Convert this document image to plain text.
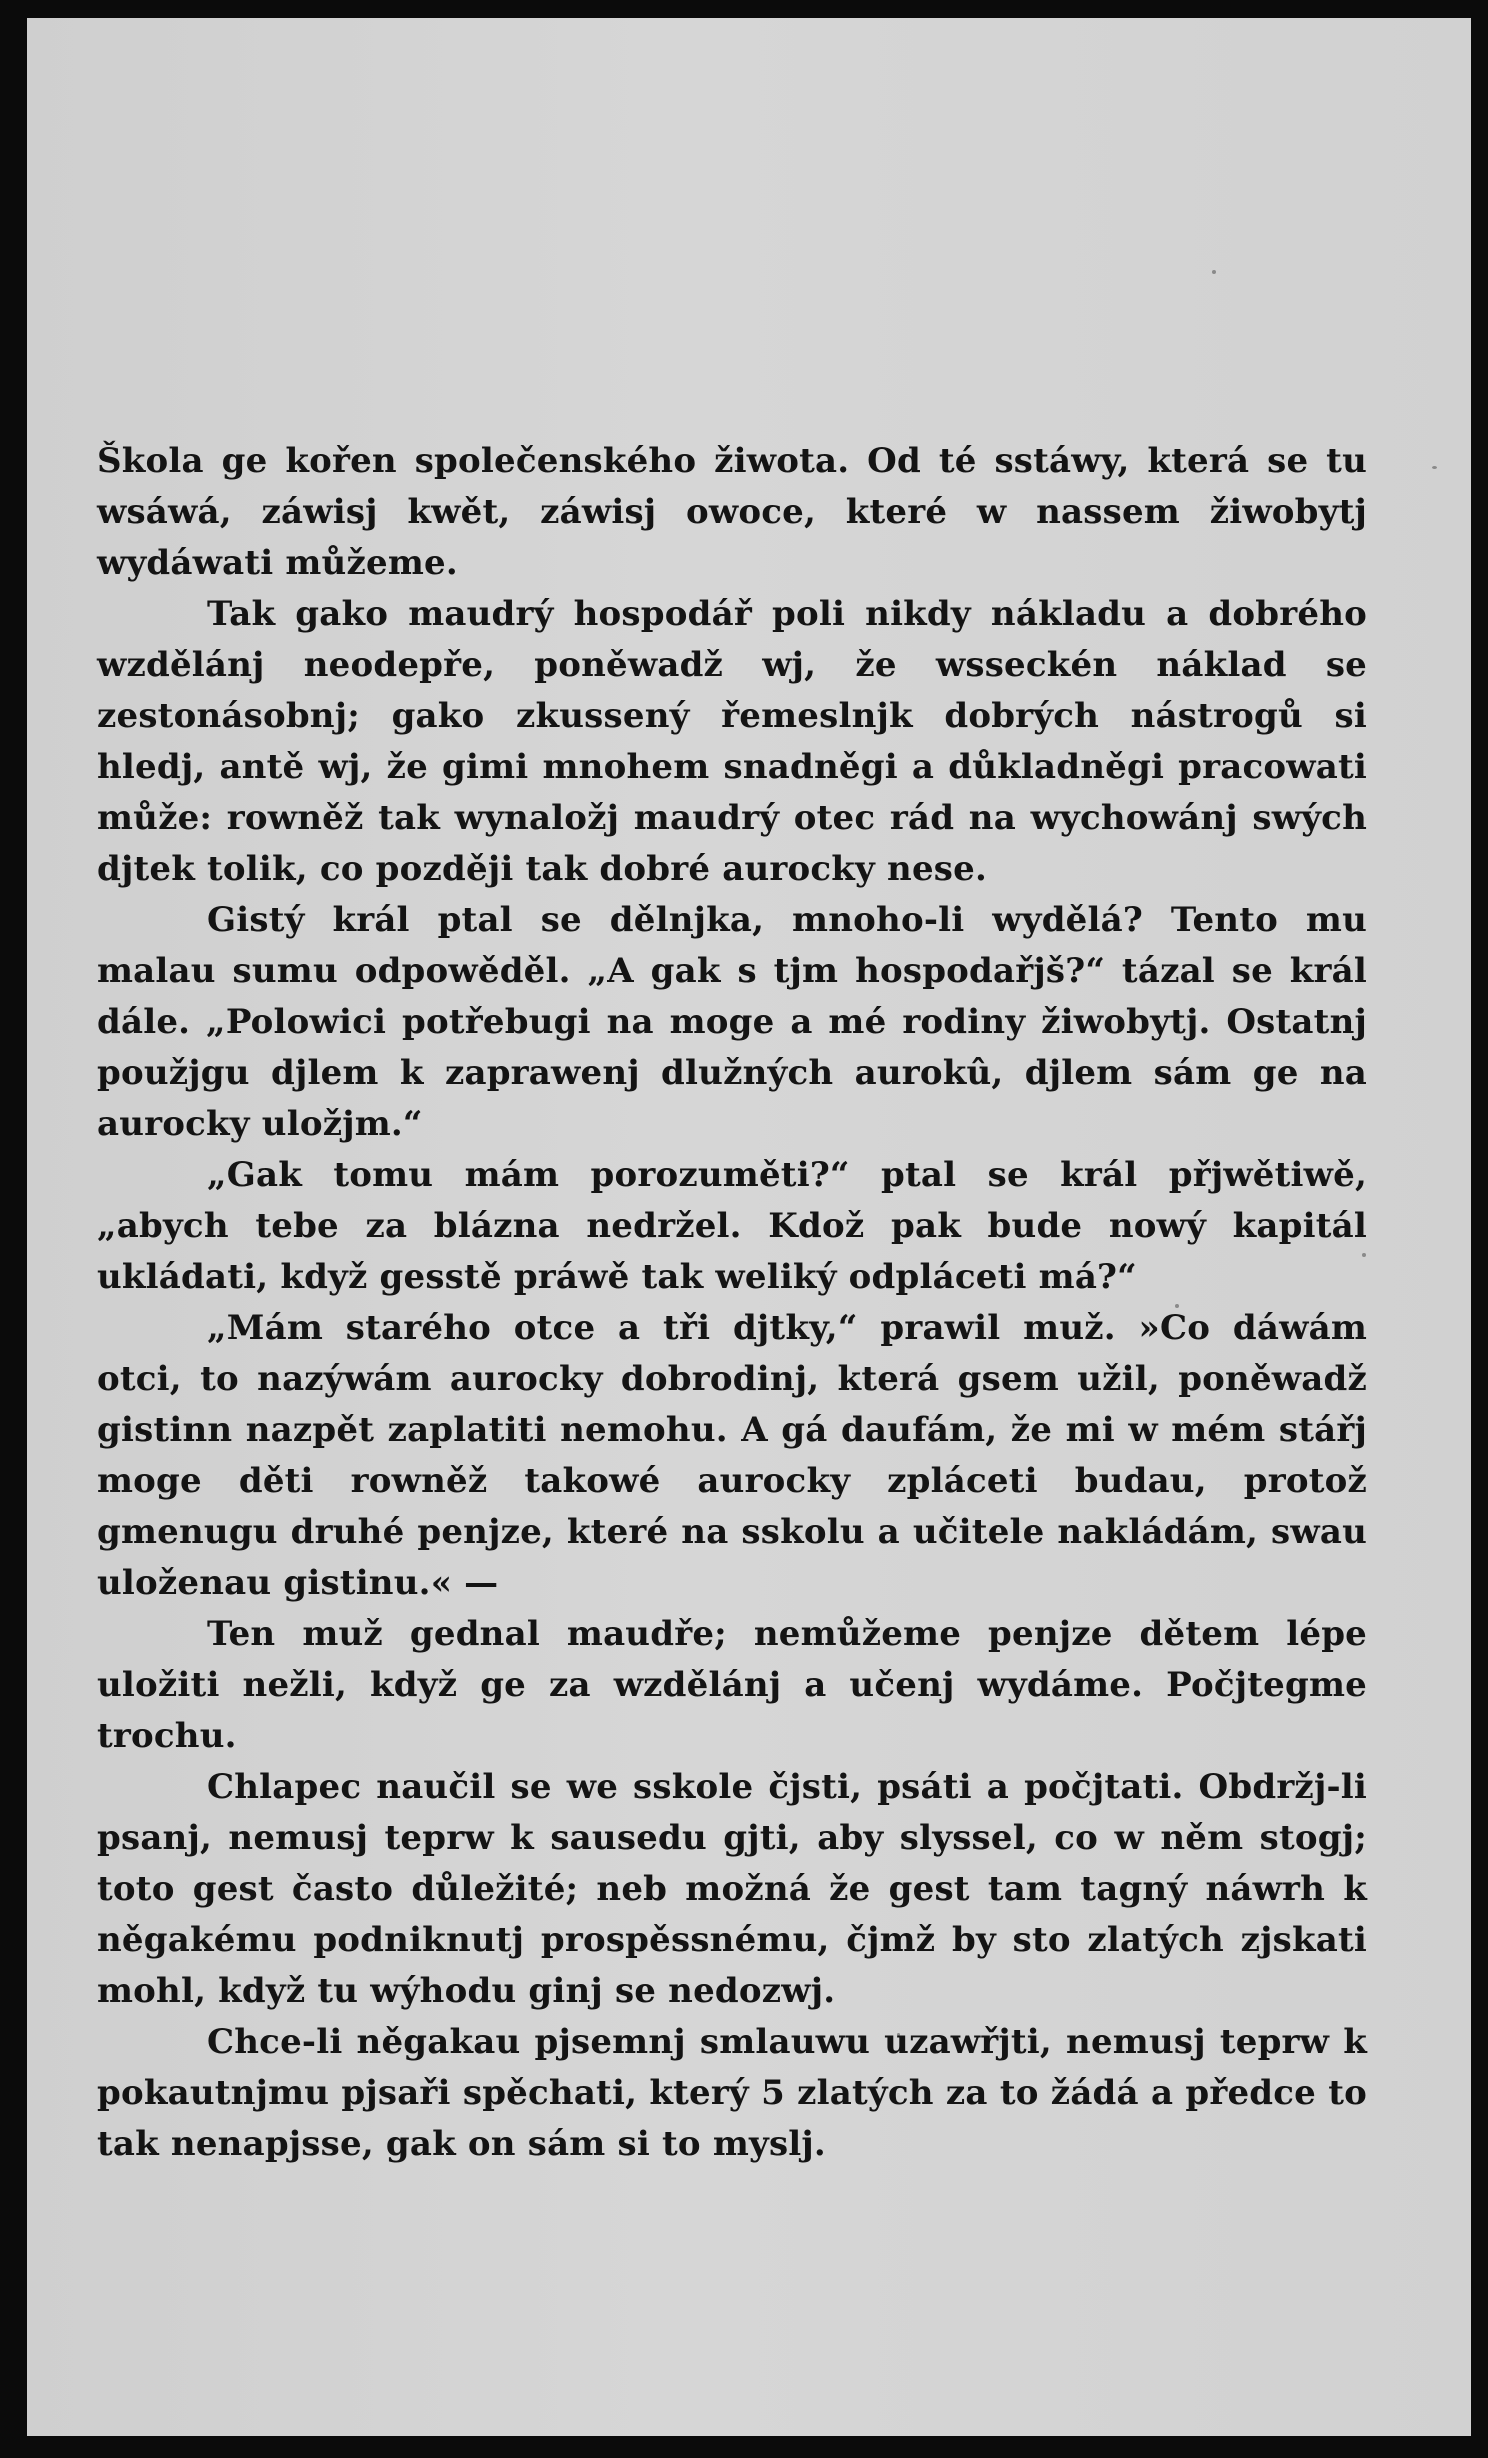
Škola ge kořen společenského žiwota. Od té sstáwy, která se tu wsáwá, záwisj kwět, záwisj owoce, které w nassem žiwobytj wydáwati můžeme.

Tak gako maudrý hospodář poli nikdy nákladu a dobrého wzdělánj neodepře, poněwadž wj, že wsseckén náklad se zestonásobnj; gako zkussený řemeslnjk dobrých nástrogů si hledj, antě wj, že gimi mnohem snadněgi a důkladněgi pracowati může: rowněž tak wynaložj maudrý otec rád na wychowánj swých djtek tolik, co později tak dobré aurocky nese.

Gistý král ptal se dělnjka, mnoho-li wydělá? Tento mu malau sumu odpowěděl. „A gak s tjm hospodařjš?“ tázal se král dále. „Polowici potřebugi na moge a mé rodiny žiwobytj. Ostatnj použjgu djlem k zaprawenj dlužných aurokû, djlem sám ge na aurocky uložjm.“

„Gak tomu mám porozuměti?“ ptal se král přjwětiwě, „abych tebe za blázna nedržel. Kdož pak bude nowý kapitál ukládati, když gesstě práwě tak weliký odpláceti má?“

„Mám starého otce a tři djtky,“ prawil muž. »Co dáwám otci, to nazýwám aurocky dobrodinj, která gsem užil, poněwadž gistinn nazpět zaplatiti nemohu. A gá daufám, že mi w mém stářj moge děti rowněž takowé aurocky zpláceti budau, protož gmenugu druhé penjze, které na sskolu a učitele nakládám, swau uloženau gistinu.« —

Ten muž gednal maudře; nemůžeme penjze dětem lépe uložiti nežli, když ge za wzdělánj a učenj wydáme. Počjtegme trochu.

Chlapec naučil se we sskole čjsti, psáti a počjtati. Obdržj-li psanj, nemusj teprw k sausedu gjti, aby slyssel, co w něm stogj; toto gest často důležité; neb možná že gest tam tagný náwrh k něgakému podniknutj prospěssnému, čjmž by sto zlatých zjskati mohl, když tu wýhodu ginj se nedozwj.

Chce-li něgakau pjsemnj smlauwu uzawřjti, nemusj teprw k pokautnjmu pjsaři spěchati, který 5 zlatých za to žádá a předce to tak nenapjsse, gak on sám si to myslj.
